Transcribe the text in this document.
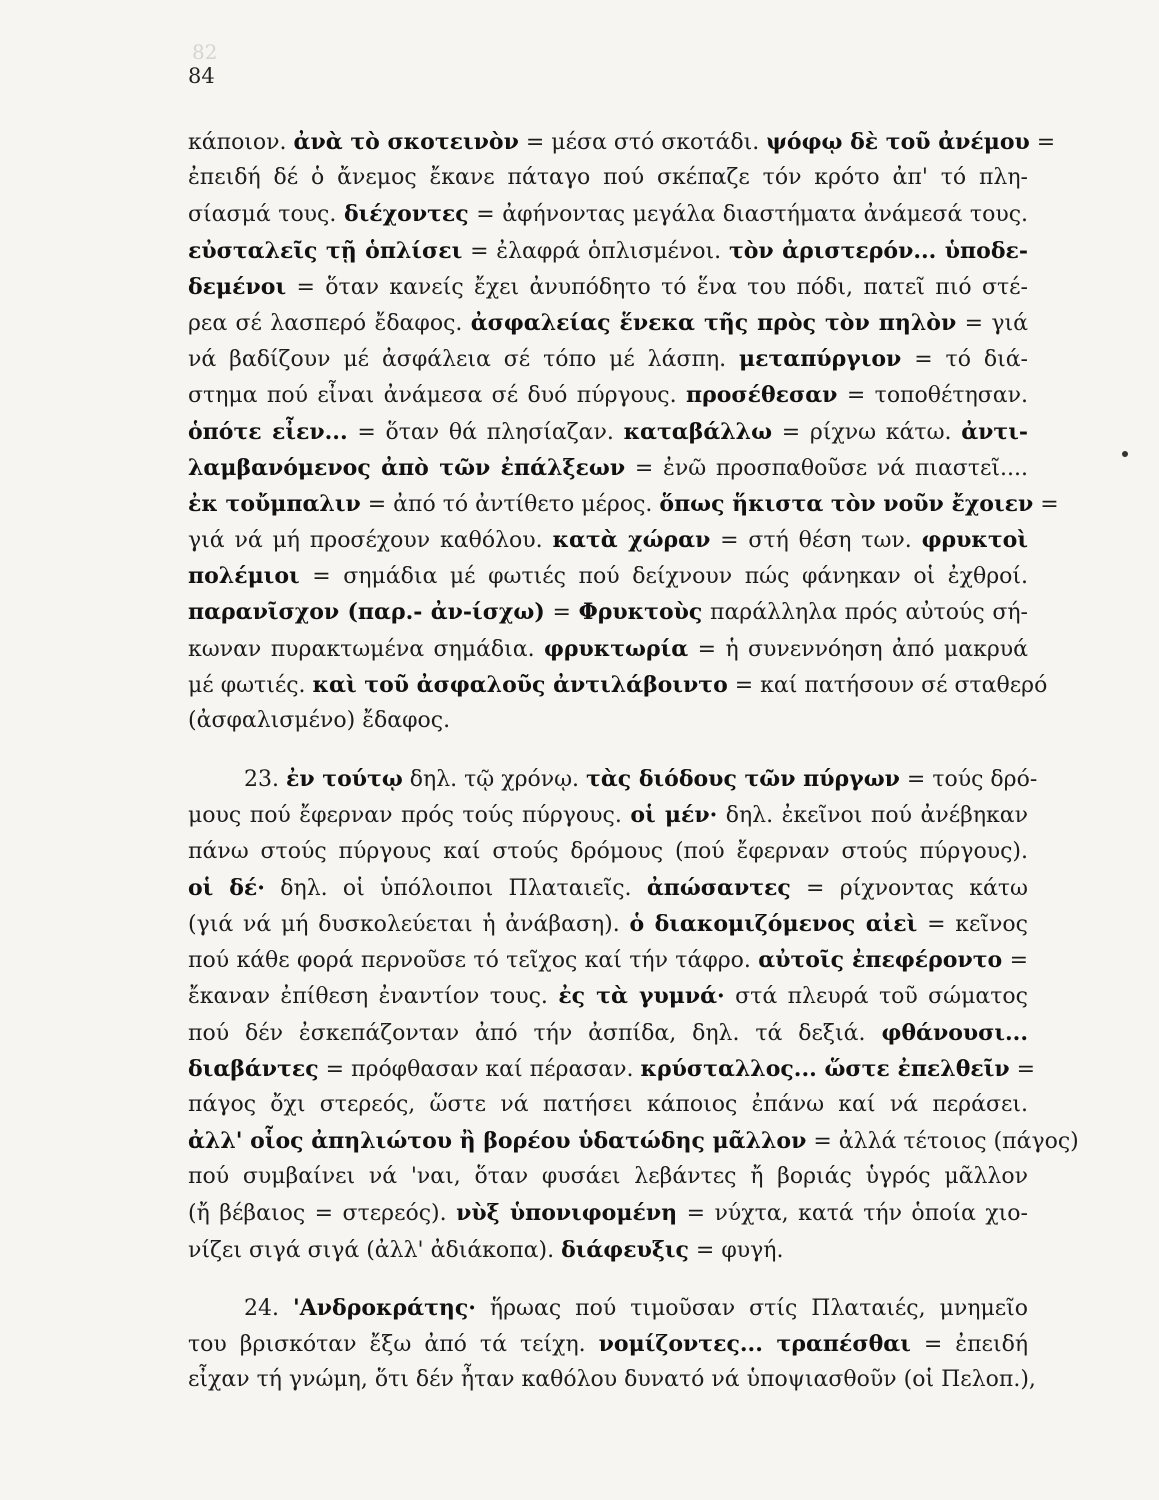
82
84
κάποιον. ἀνὰ τὸ σκοτεινὸν = μέσα στό σκοτάδι. ψόφῳ δὲ τοῦ ἀνέμου =
ἐπειδή δέ ὁ ἄνεμος ἔκανε πάταγο πού σκέπαζε τόν κρότο ἀπ' τό πλη-
σίασμά τους. διέχοντες = ἀφήνοντας μεγάλα διαστήματα ἀνάμεσά τους.
εὐσταλεῖς τῇ ὁπλίσει = ἐλαφρά ὁπλισμένοι. τὸν ἀριστερόν... ὑποδε-
δεμένοι = ὅταν κανείς ἔχει ἀνυπόδητο τό ἕνα του πόδι, πατεῖ πιό στέ-
ρεα σέ λασπερό ἔδαφος. ἀσφαλείας ἕνεκα τῆς πρὸς τὸν πηλὸν = γιά
νά βαδίζουν μέ ἀσφάλεια σέ τόπο μέ λάσπη. μεταπύργιον = τό διά-
στημα πού εἶναι ἀνάμεσα σέ δυό πύργους. προσέθεσαν = τοποθέτησαν.
ὁπότε εἶεν... = ὅταν θά πλησίαζαν. καταβάλλω = ρίχνω κάτω. ἀντι-
λαμβανόμενος ἀπὸ τῶν ἐπάλξεων = ἐνῶ προσπαθοῦσε νά πιαστεῖ....
ἐκ τοὔμπαλιν = ἀπό τό ἀντίθετο μέρος. ὅπως ἥκιστα τὸν νοῦν ἔχοιεν =
γιά νά μή προσέχουν καθόλου. κατὰ χώραν = στή θέση των. φρυκτοὶ
πολέμιοι = σημάδια μέ φωτιές πού δείχνουν πώς φάνηκαν οἱ ἐχθροί.
παρανῖσχον (παρ.- ἀν-ίσχω) = Φρυκτοὺς παράλληλα πρός αὐτούς σή-
κωναν πυρακτωμένα σημάδια. φρυκτωρία = ἡ συνεννόηση ἀπό μακρυά
μέ φωτιές. καὶ τοῦ ἀσφαλοῦς ἀντιλάβοιντο = καί πατήσουν σέ σταθερό
(ἀσφαλισμένο) ἔδαφος.
23. ἐν τούτῳ δηλ. τῷ χρόνῳ. τὰς διόδους τῶν πύργων = τούς δρό-
μους πού ἔφερναν πρός τούς πύργους. οἱ μέν· δηλ. ἐκεῖνοι πού ἀνέβηκαν
πάνω στούς πύργους καί στούς δρόμους (πού ἔφερναν στούς πύργους).
οἱ δέ· δηλ. οἱ ὑπόλοιποι Πλαταιεῖς. ἀπώσαντες = ρίχνοντας κάτω
(γιά νά μή δυσκολεύεται ἡ ἀνάβαση). ὁ διακομιζόμενος αἰεὶ = κεῖνος
πού κάθε φορά περνοῦσε τό τεῖχος καί τήν τάφρο. αὐτοῖς ἐπεφέροντο =
ἔκαναν ἐπίθεση ἐναντίον τους. ἐς τὰ γυμνά· στά πλευρά τοῦ σώματος
πού δέν ἐσκεπάζονταν ἀπό τήν ἀσπίδα, δηλ. τά δεξιά. φθάνουσι...
διαβάντες = πρόφθασαν καί πέρασαν. κρύσταλλος... ὥστε ἐπελθεῖν =
πάγος ὄχι στερεός, ὥστε νά πατήσει κάποιος ἐπάνω καί νά περάσει.
ἀλλ' οἷος ἀπηλιώτου ἢ βορέου ὑδατώδης μᾶλλον = ἀλλά τέτοιος (πάγος)
πού συμβαίνει νά 'ναι, ὅταν φυσάει λεβάντες ἤ βοριάς ὑγρός μᾶλλον
(ἤ βέβαιος = στερεός). νὺξ ὑπονιφομένη = νύχτα, κατά τήν ὁποία χιο-
νίζει σιγά σιγά (ἀλλ' ἀδιάκοπα). διάφευξις = φυγή.
24. 'Ανδροκράτης· ἥρωας πού τιμοῦσαν στίς Πλαταιές, μνημεῖο
του βρισκόταν ἔξω ἀπό τά τείχη. νομίζοντες... τραπέσθαι = ἐπειδή
εἶχαν τή γνώμη, ὅτι δέν ἦταν καθόλου δυνατό νά ὑποψιασθοῦν (οἱ Πελοπ.),
